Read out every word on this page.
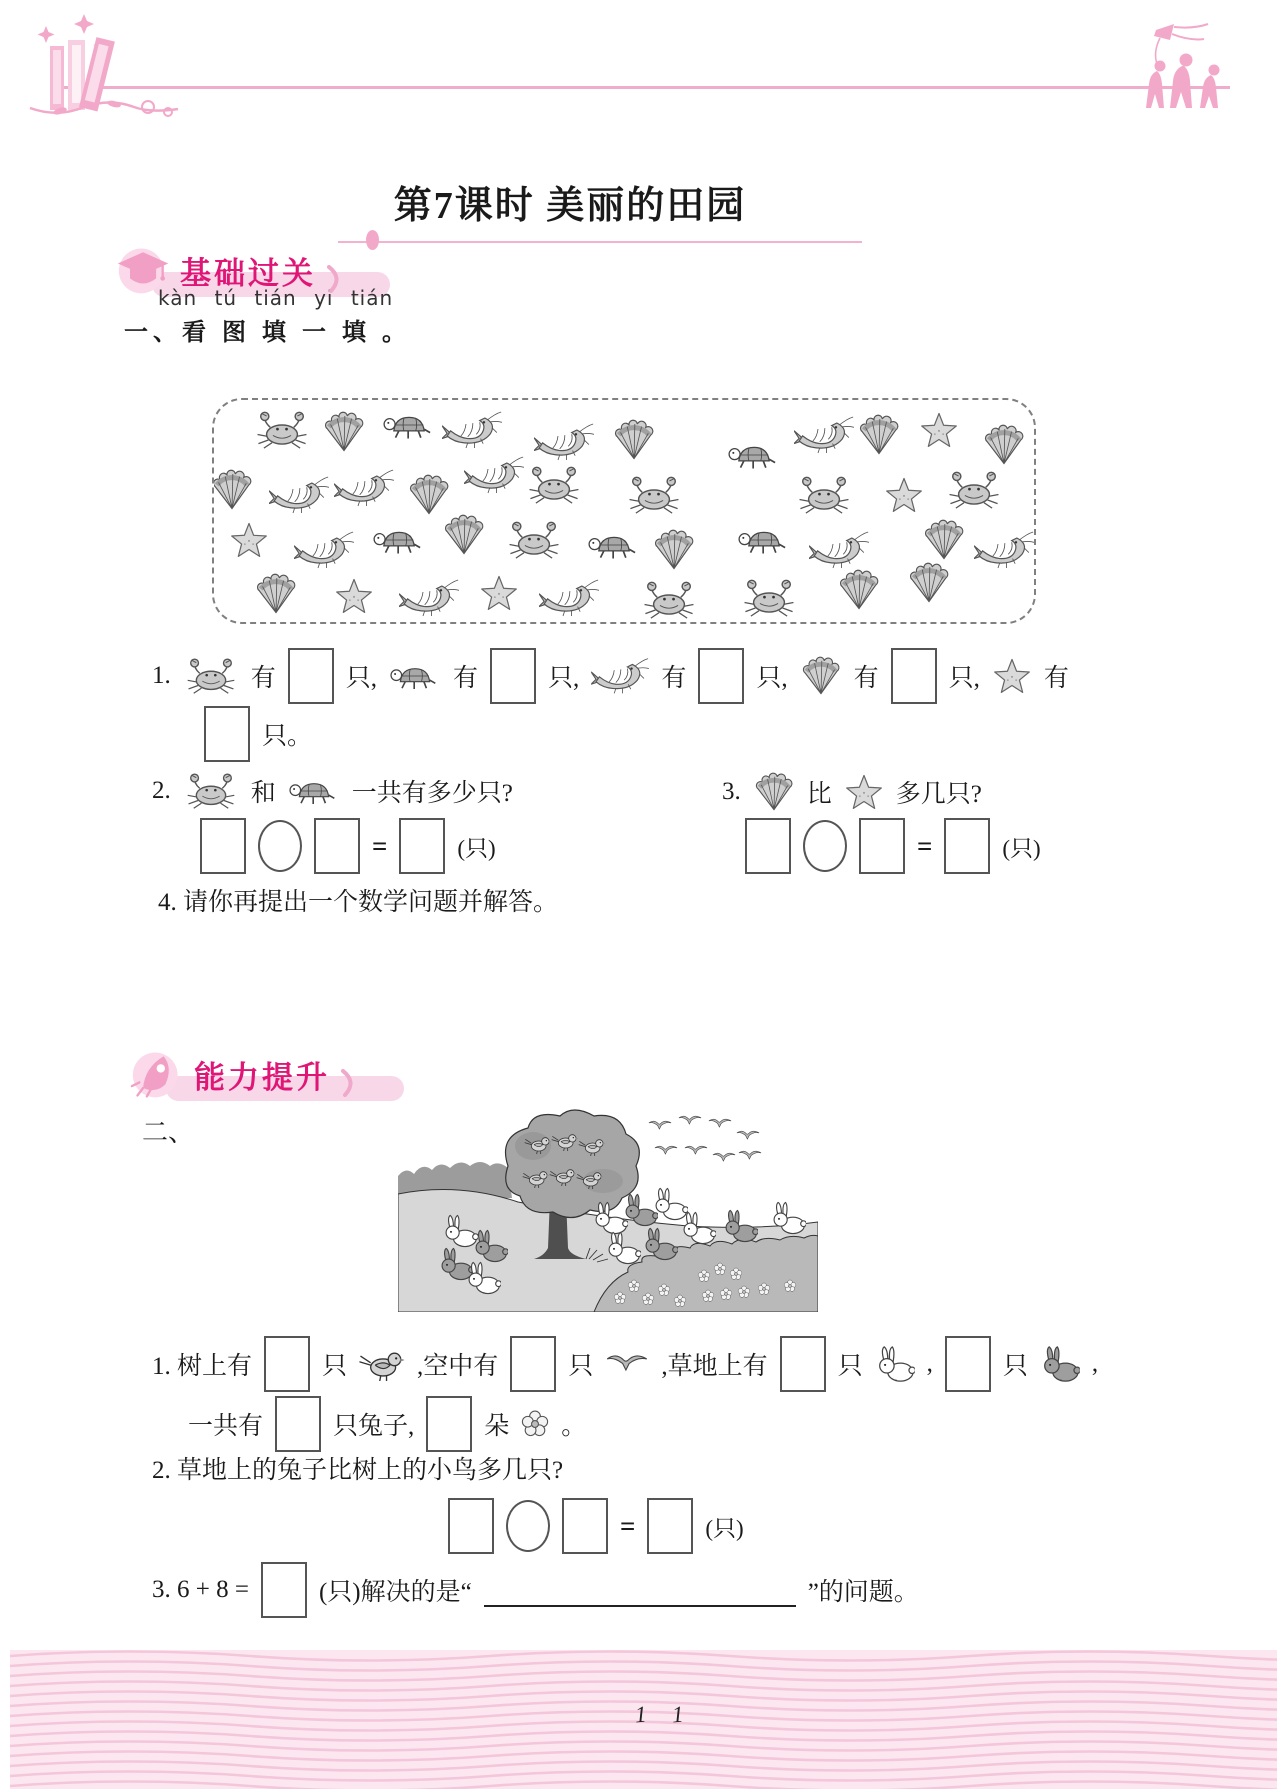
第7课时 美丽的田园
基础过关
kàn tú tián yi tián
一、看 图 填 一 填 。
1.	有	只,	有	只,	有	只,	有	只,	有
只。
2.	和	一共有多少只?	3.	比	多几只?
=	(只)	=	(只)
4. 请你再提出一个数学问题并解答。
能力提升
二、
1. 树上有	只	,空中有	只	,草地上有	只	,	只	,
一共有	只兔子,	朵 。
2. 草地上的兔子比树上的小鸟多几只?
=	(只)
3. 6 + 8 =	(只)解决的是“	”的问题。
1 1
